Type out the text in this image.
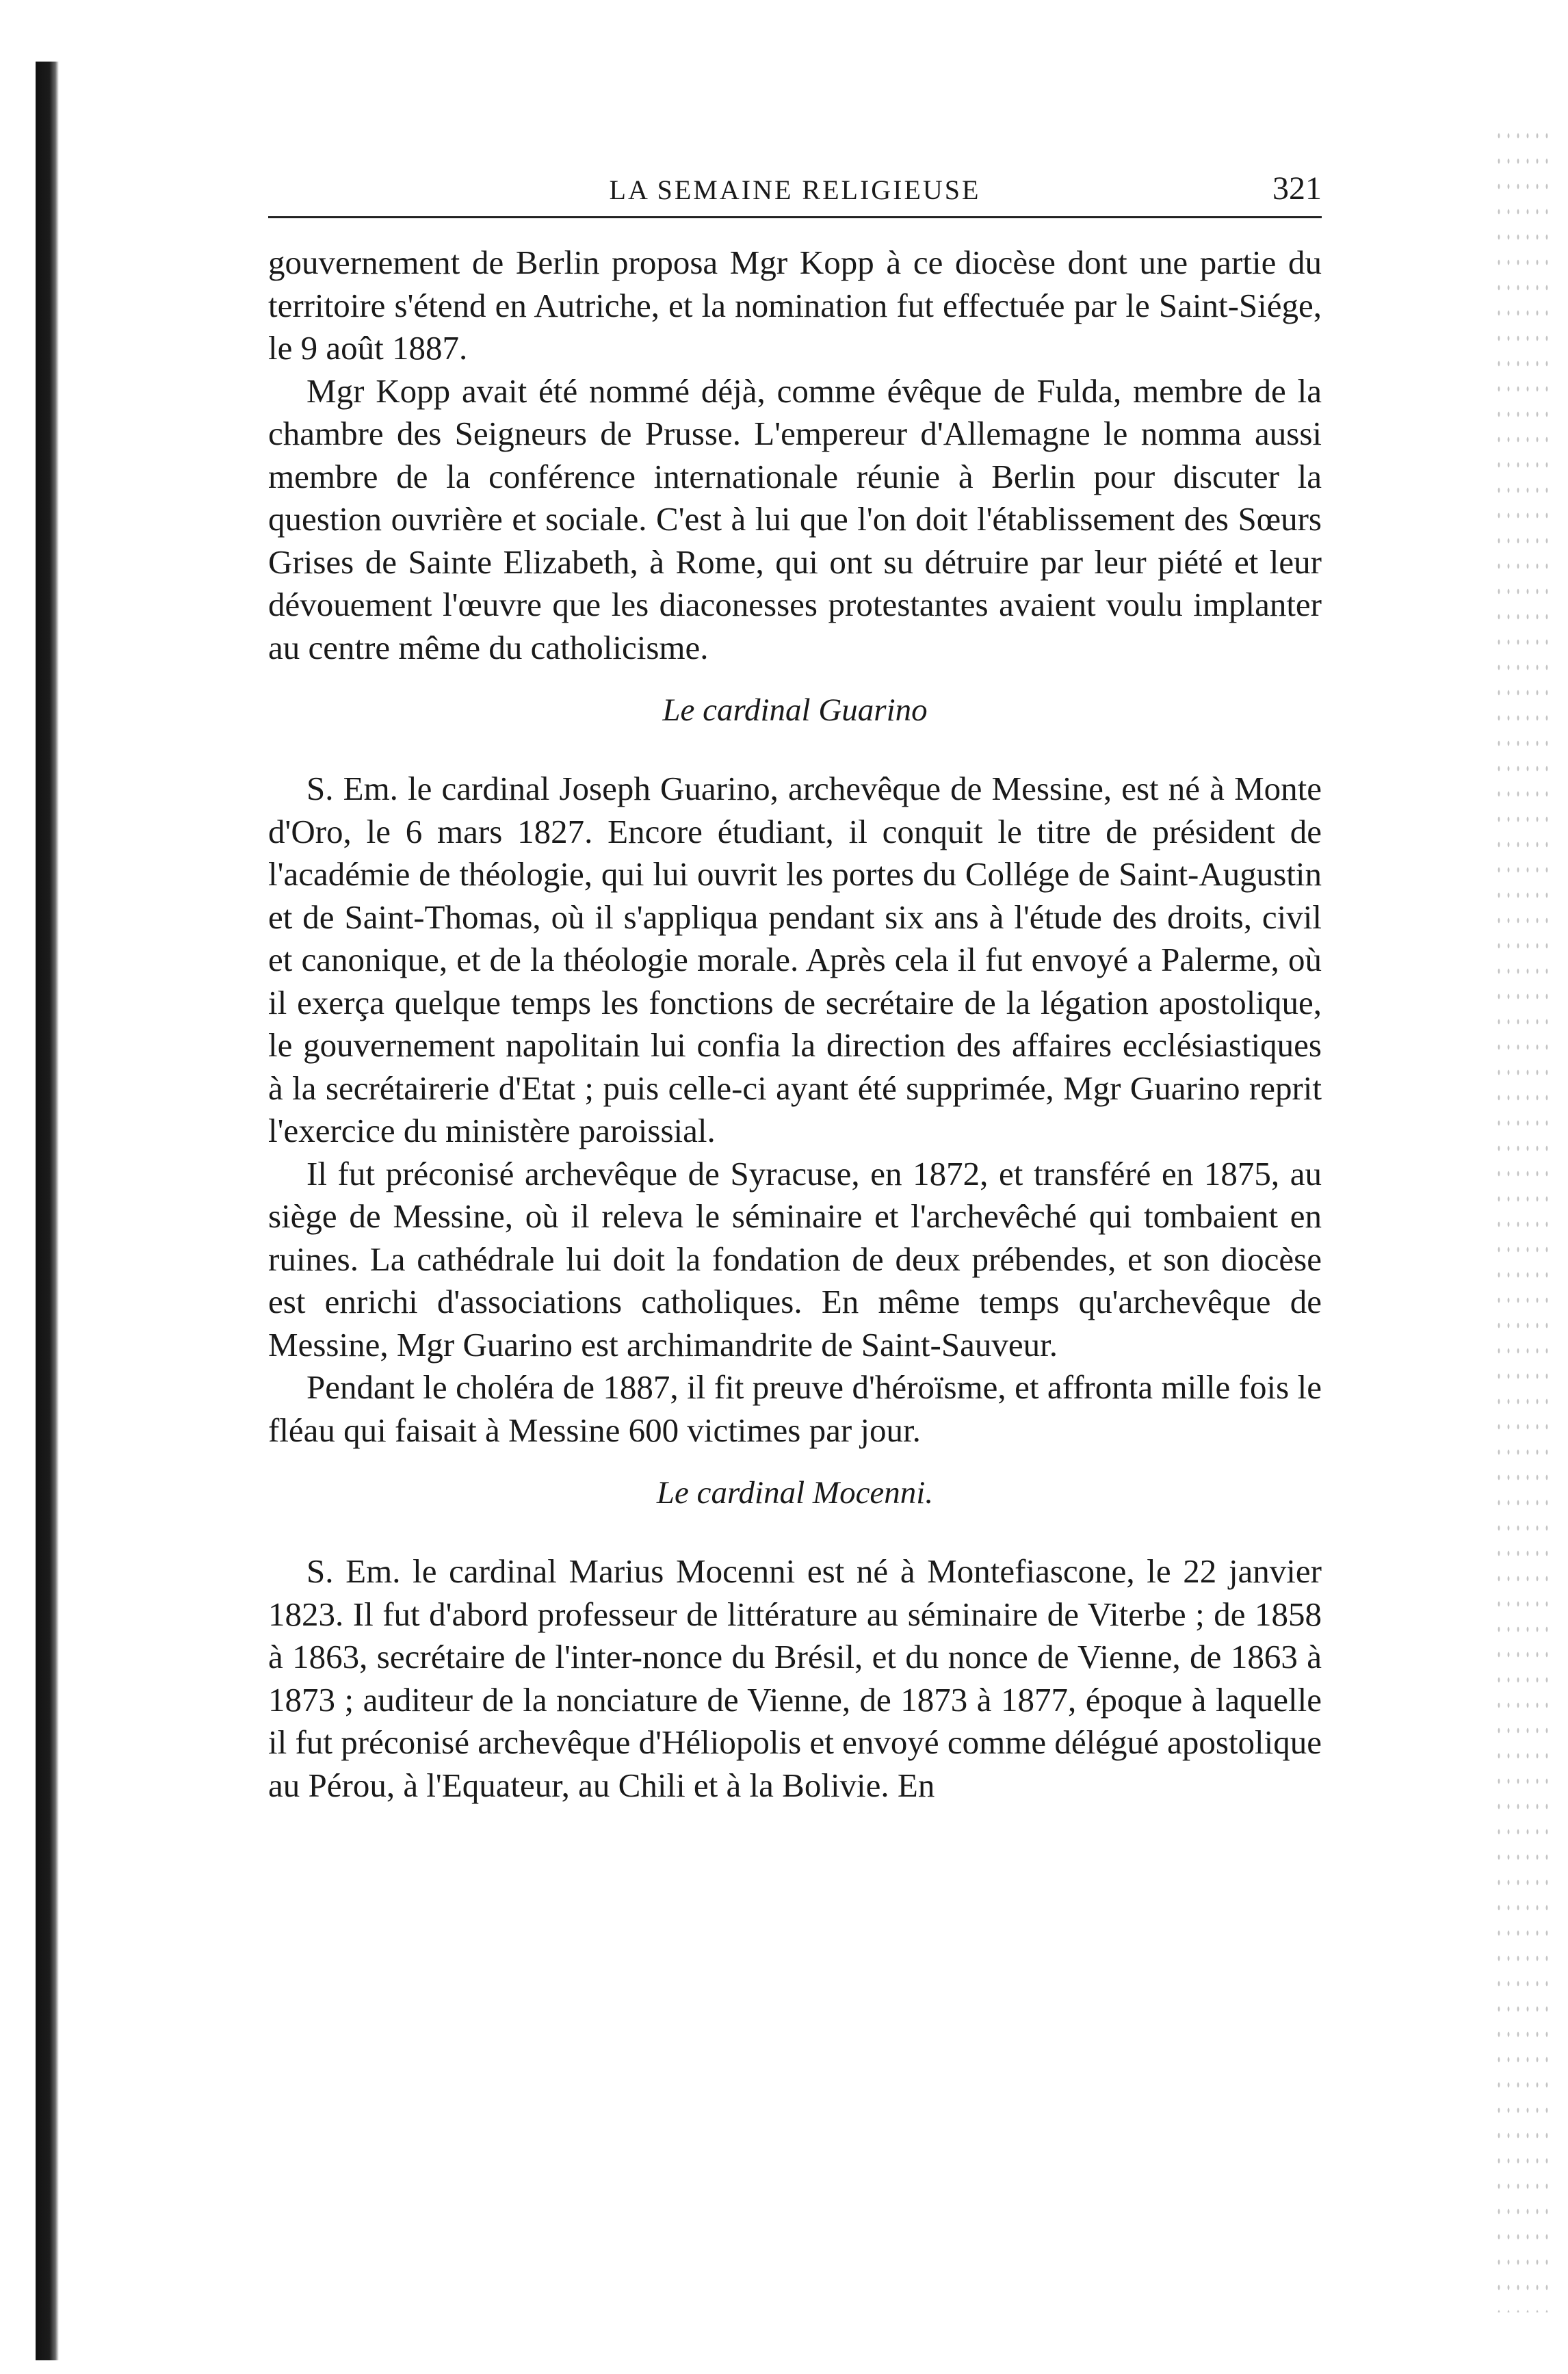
LA SEMAINE RELIGIEUSE	321

gouvernement de Berlin proposa Mgr Kopp à ce diocèse dont une partie du territoire s'étend en Autriche, et la nomination fut effectuée par le Saint-Siége, le 9 août 1887.

Mgr Kopp avait été nommé déjà, comme évêque de Fulda, membre de la chambre des Seigneurs de Prusse. L'empereur d'Allemagne le nomma aussi membre de la conférence internationale réunie à Berlin pour discuter la question ouvrière et sociale. C'est à lui que l'on doit l'établissement des Sœurs Grises de Sainte Elizabeth, à Rome, qui ont su détruire par leur piété et leur dévouement l'œuvre que les diaconesses protestantes avaient voulu implanter au centre même du catholicisme.

Le cardinal Guarino

S. Em. le cardinal Joseph Guarino, archevêque de Messine, est né à Monte d'Oro, le 6 mars 1827. Encore étudiant, il conquit le titre de président de l'académie de théologie, qui lui ouvrit les portes du Collége de Saint-Augustin et de Saint-Thomas, où il s'appliqua pendant six ans à l'étude des droits, civil et canonique, et de la théologie morale. Après cela il fut envoyé a Palerme, où il exerça quelque temps les fonctions de secrétaire de la légation apostolique, le gouvernement napolitain lui confia la direction des affaires ecclésiastiques à la secrétairerie d'Etat ; puis celle-ci ayant été supprimée, Mgr Guarino reprit l'exercice du ministère paroissial.

Il fut préconisé archevêque de Syracuse, en 1872, et transféré en 1875, au siège de Messine, où il releva le séminaire et l'archevêché qui tombaient en ruines. La cathédrale lui doit la fondation de deux prébendes, et son diocèse est enrichi d'associations catholiques. En même temps qu'archevêque de Messine, Mgr Guarino est archimandrite de Saint-Sauveur.

Pendant le choléra de 1887, il fit preuve d'héroïsme, et affronta mille fois le fléau qui faisait à Messine 600 victimes par jour.

Le cardinal Mocenni.

S. Em. le cardinal Marius Mocenni est né à Montefiascone, le 22 janvier 1823. Il fut d'abord professeur de littérature au séminaire de Viterbe ; de 1858 à 1863, secrétaire de l'inter-nonce du Brésil, et du nonce de Vienne, de 1863 à 1873 ; auditeur de la nonciature de Vienne, de 1873 à 1877, époque à laquelle il fut préconisé archevêque d'Héliopolis et envoyé comme délégué apostolique au Pérou, à l'Equateur, au Chili et à la Bolivie. En
